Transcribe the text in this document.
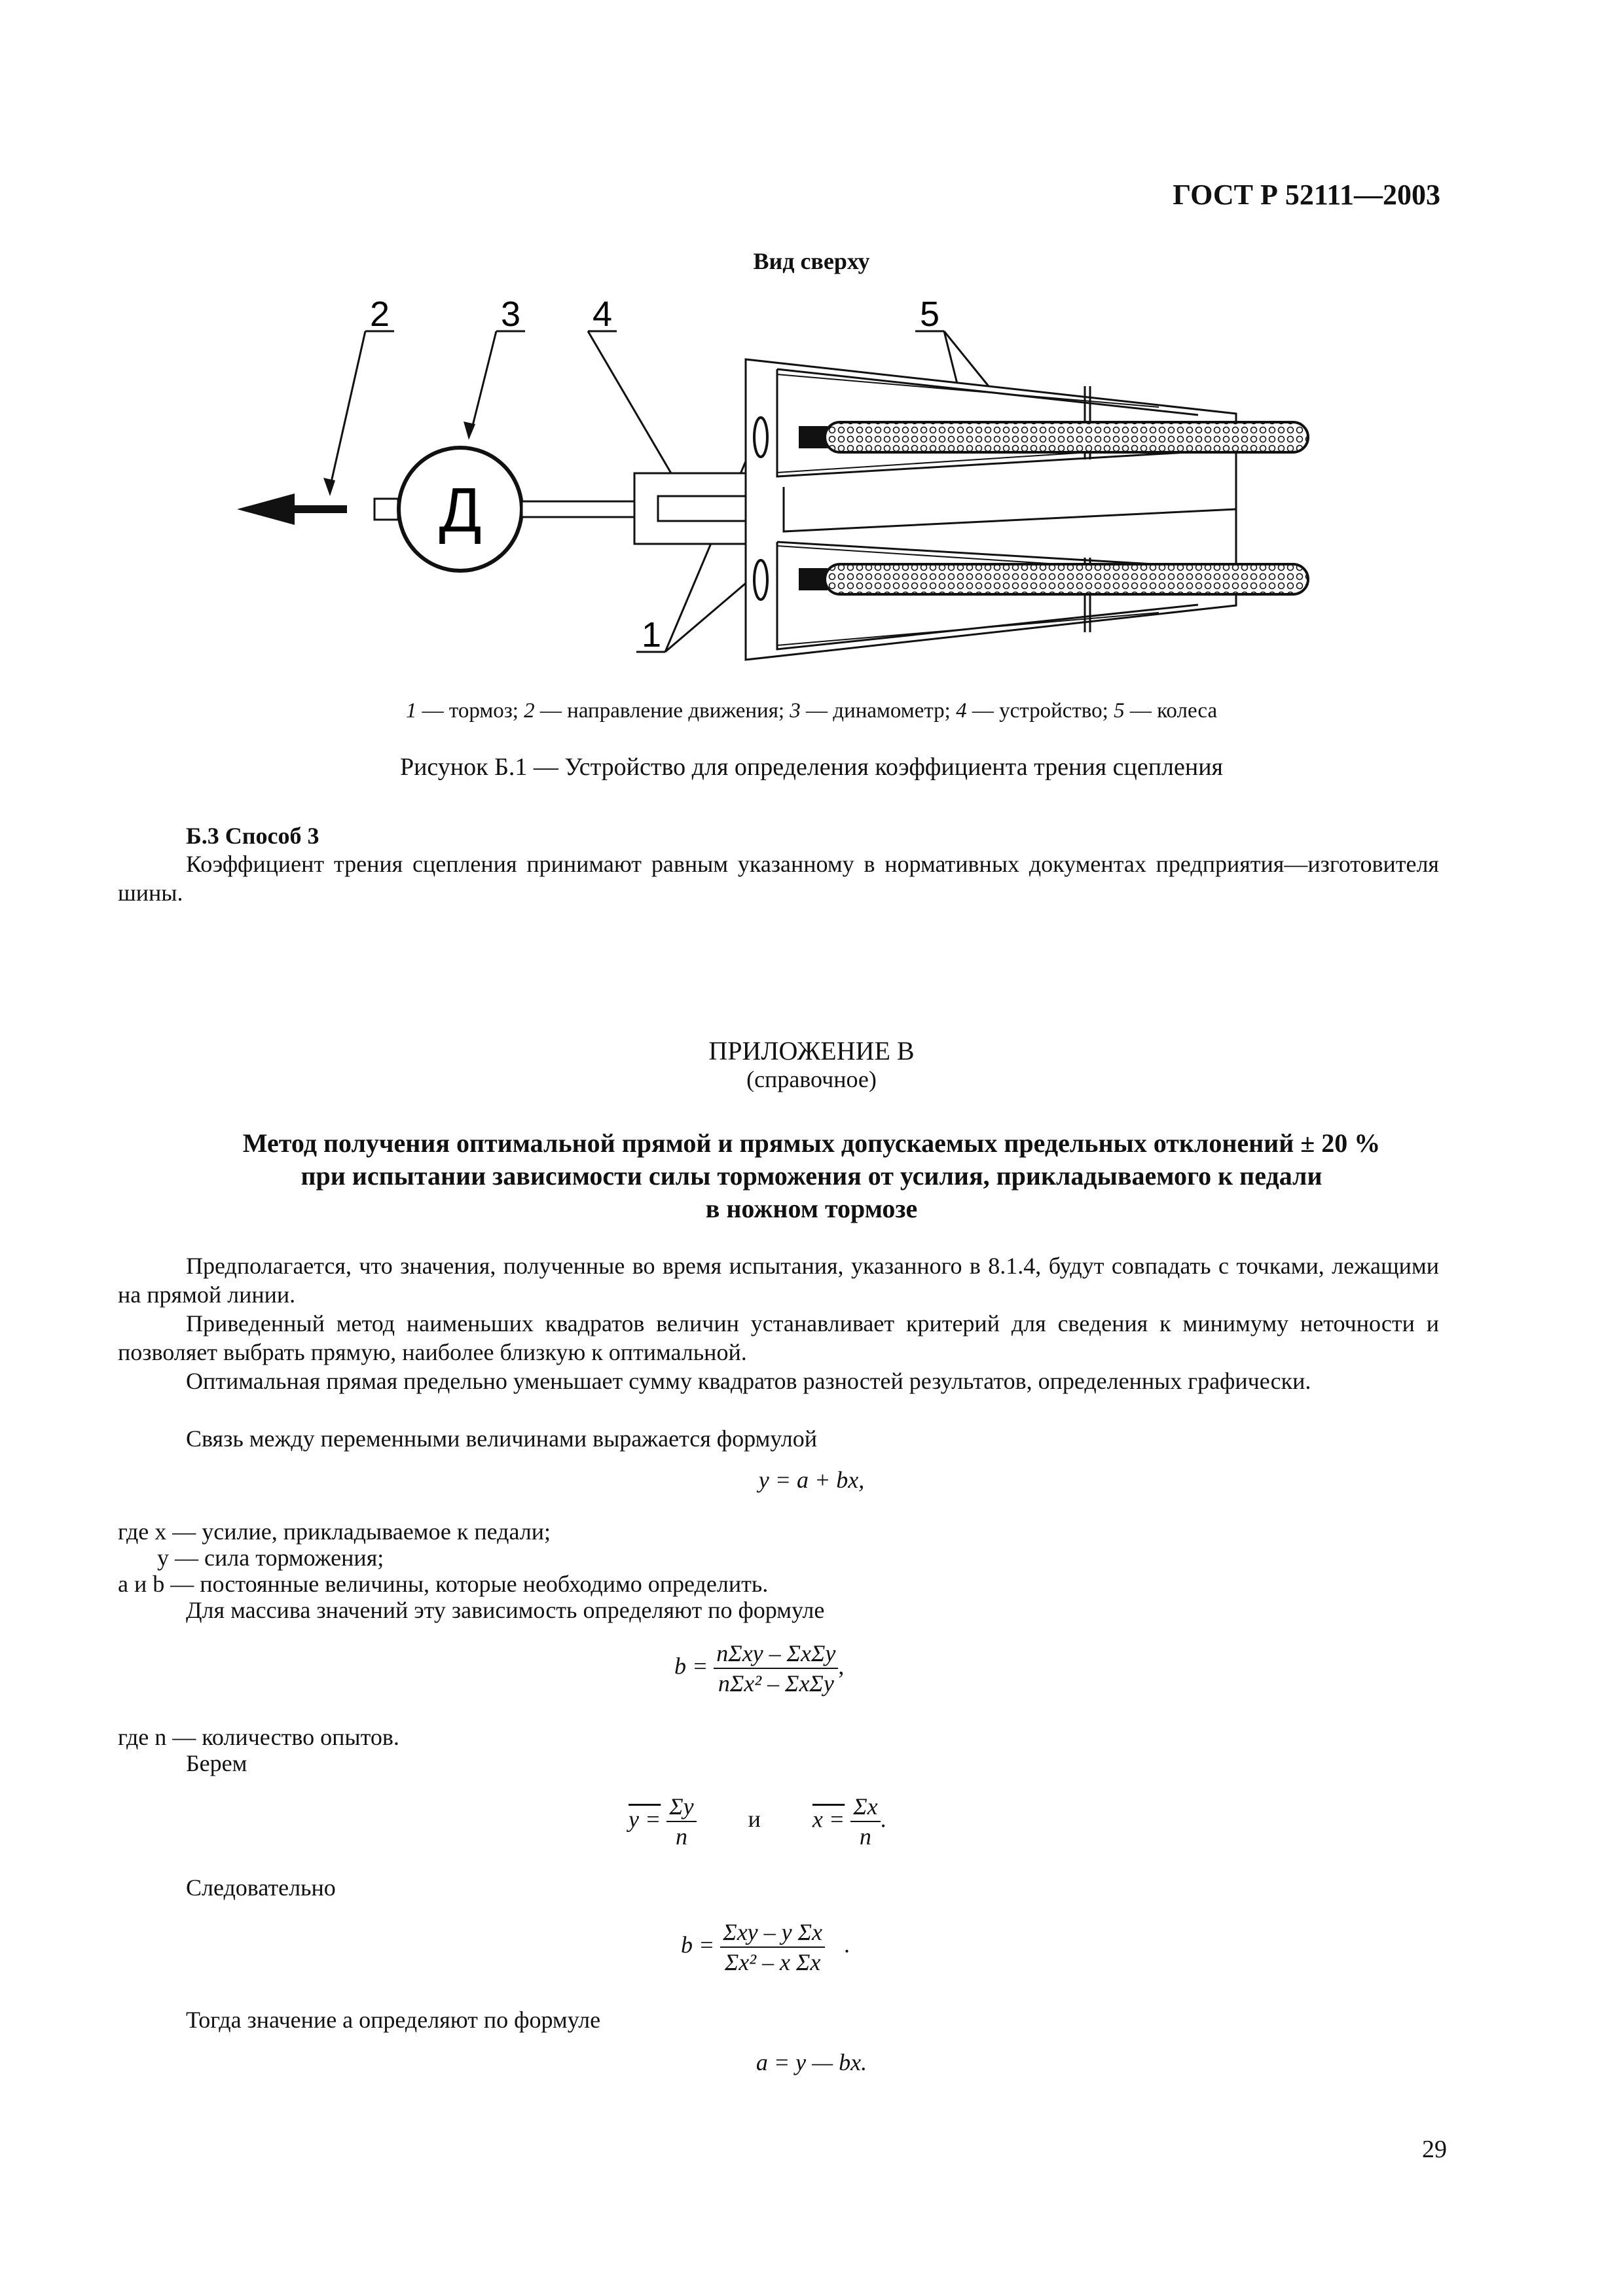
ГОСТ Р 52111—2003
Вид сверху
2	3 4	5
1
Д
1 — тормоз; 2 — направление движения; 3 — динамометр; 4 — устройство; 5 — колеса
Рисунок Б.1 — Устройство для определения коэффициента трения сцепления
Б.3 Способ 3
Коэффициент трения сцепления принимают равным указанному в нормативных документах предприятия—изготовителя шины.
ПРИЛОЖЕНИЕ В
(справочное)
Метод получения оптимальной прямой и прямых допускаемых предельных отклонений ± 20 %
при испытании зависимости силы торможения от усилия, прикладываемого к педали
в ножном тормозе
Предполагается, что значения, полученные во время испытания, указанного в 8.1.4, будут совпадать с точками, лежащими на прямой линии.
Приведенный метод наименьших квадратов величин устанавливает критерий для сведения к минимуму неточности и позволяет выбрать прямую, наиболее близкую к оптимальной.
Оптимальная прямая предельно уменьшает сумму квадратов разностей результатов, определенных графически.
Связь между переменными величинами выражается формулой
y = a + bx,
где x — усилие, прикладываемое к педали;
y — сила торможения;
a и b — постоянные величины, которые необходимо определить.
Для массива значений эту зависимость определяют по формуле
$b = \frac{\text{nΣxy – ΣxΣy}}{\text{nΣx² – ΣxΣy}}$ ,
где n — количество опытов.
Берем
$y = \frac{\Sigma y}{n}$ и $x = \frac{\Sigma x}{n}$ .
Следовательно
$b = \frac{\text{Σxy – y Σx}}{\text{Σx² – x Σx}}$ .
Тогда значение a определяют по формуле
a = y — bx.
29
